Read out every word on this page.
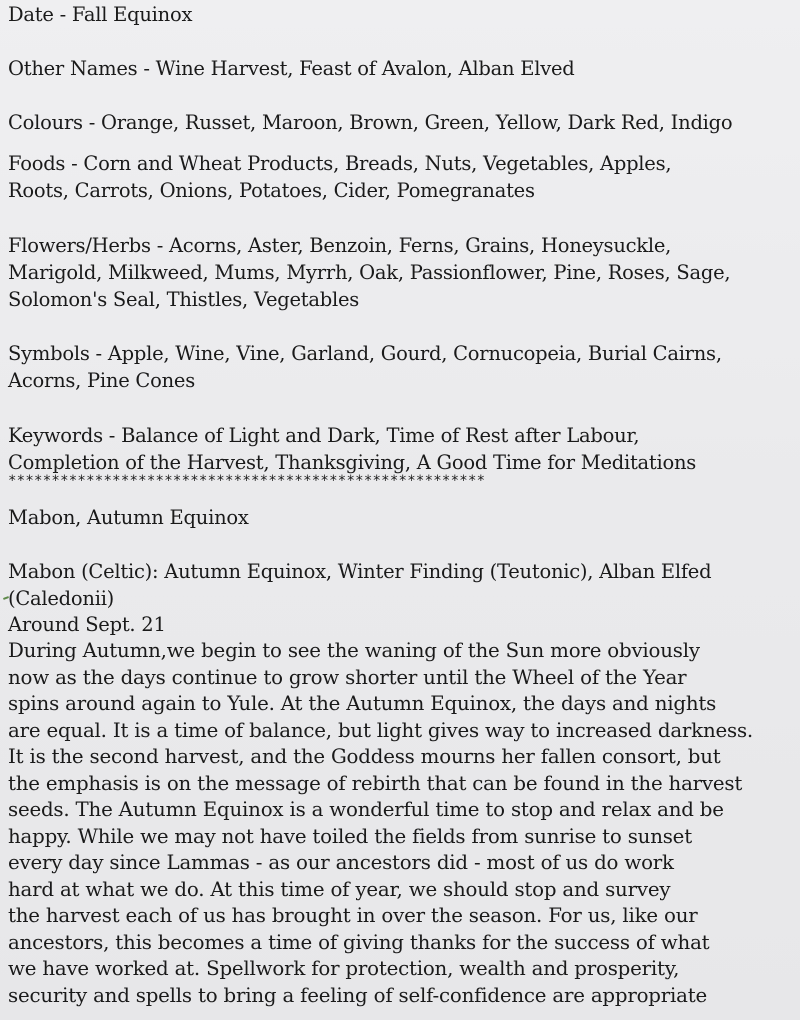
Date - Fall Equinox
Other Names - Wine Harvest, Feast of Avalon, Alban Elved
Colours - Orange, Russet, Maroon, Brown, Green, Yellow, Dark Red, Indigo
Foods - Corn and Wheat Products, Breads, Nuts, Vegetables, Apples,
Roots, Carrots, Onions, Potatoes, Cider, Pomegranates
Flowers/Herbs - Acorns, Aster, Benzoin, Ferns, Grains, Honeysuckle,
Marigold, Milkweed, Mums, Myrrh, Oak, Passionflower, Pine, Roses, Sage,
Solomon's Seal, Thistles, Vegetables
Symbols - Apple, Wine, Vine, Garland, Gourd, Cornucopeia, Burial Cairns,
Acorns, Pine Cones
Keywords - Balance of Light and Dark, Time of Rest after Labour,
Completion of the Harvest, Thanksgiving, A Good Time for Meditations
*******************************************************
Mabon, Autumn Equinox
Mabon (Celtic): Autumn Equinox, Winter Finding (Teutonic), Alban Elfed
(Caledonii)
Around Sept. 21
During Autumn,we begin to see the waning of the Sun more obviously
now as the days continue to grow shorter until the Wheel of the Year
spins around again to Yule. At the Autumn Equinox, the days and nights
are equal. It is a time of balance, but light gives way to increased darkness.
It is the second harvest, and the Goddess mourns her fallen consort, but
the emphasis is on the message of rebirth that can be found in the harvest
seeds. The Autumn Equinox is a wonderful time to stop and relax and be
happy. While we may not have toiled the fields from sunrise to sunset
every day since Lammas - as our ancestors did - most of us do work
hard at what we do. At this time of year, we should stop and survey
the harvest each of us has brought in over the season. For us, like our
ancestors, this becomes a time of giving thanks for the success of what
we have worked at. Spellwork for protection, wealth and prosperity,
security and spells to bring a feeling of self-confidence are appropriate
